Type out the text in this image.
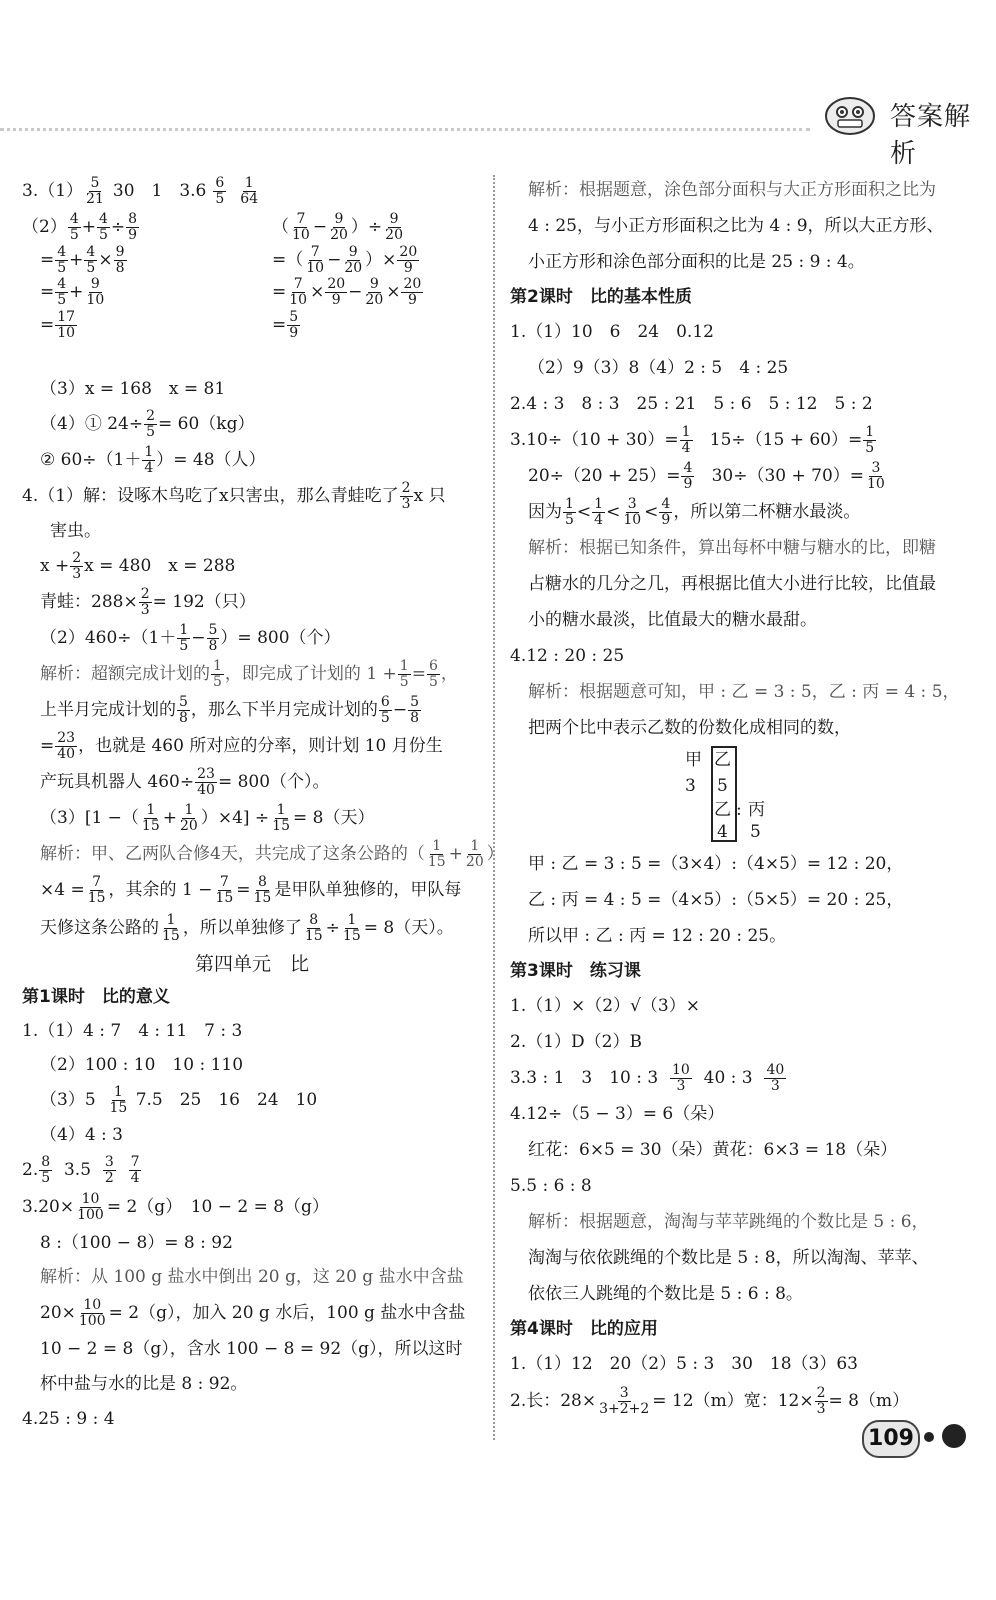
答案解析
$3.(1) \frac{5}{21} 30$　1　$3.6 \frac{6}{5} \frac{1}{64}$
$(2) \frac{4}{5} + \frac{4}{5} \div \frac{8}{9}$
= $\frac{4}{5} + \frac{4}{5} \times \frac{9}{8}$
= $\frac{4}{5} + \frac{9}{10}$
= $\frac{17}{10}$
（ $\frac{7}{10} - \frac{9}{20}$ ）÷ $\frac{9}{20}$
=（ $\frac{7}{10} - \frac{9}{20}$ ）× $\frac{20}{9}$
= $\frac{7}{10} \times \frac{20}{9} - \frac{9}{20} \times \frac{20}{9}$
= $\frac{5}{9}$
（3） x = 168　x = 81
（4）① $24\div \frac{2}{5} = 60(kg)$
② $60\div(1+ \frac{1}{4}$ ）= 48（人）
4.（1）解：设啄木鸟吃了x只害虫，那么青蛙吃了 $\frac{2}{3}$ x 只
害虫。
$x + \frac{2}{3}$ x = 480　x = 288
青蛙：$288\times \frac{2}{3} = 192$（只）
$(2)460\div(1+ \frac{1}{5} - \frac{5}{8}$ ）= 800（个）
解析：超额完成计划的 $\frac{1}{5}$ ，即完成了计划的 $1 + \frac{1}{5} = \frac{6}{5}$ ，
上半月完成计划的 $\frac{5}{8}$ ，那么下半月完成计划的 $\frac{6}{5} - \frac{5}{8}$
= $\frac{23}{40}$ ，也就是 460 所对应的分率，则计划 10 月份生
产玩具机器人 $460\div \frac{23}{40} = 800$（个）。
（3）[1 −（ $\frac{1}{15} + \frac{1}{20} )\times 4] \div \frac{1}{15} = 8$（天）
解析：甲、乙两队合修4天，共完成了这条公路的（ $\frac{1}{15} + \frac{1}{20}$ ）
$\times 4 = \frac{7}{15}$ ，其余的 $1 - \frac{7}{15} = \frac{8}{15}$ 是甲队单独修的，甲队每
天修这条公路的 $\frac{1}{15}$ ，所以单独修了 $\frac{8}{15} \div \frac{1}{15} = 8$（天）。
第四单元　比
第1课时　比的意义
1.（1）4 : 7　4 : 11　7 : 3
（2）100 : 10　10 : 110
（3）5
$\frac{1}{15}$
7.5　25　16　24　10
（4）4 : 3
2. $\frac{8}{5}$
3.5
$\frac{3}{2}$
$\frac{7}{4}$
$3.20\times \frac{10}{100} = 2(g)$　10 − 2 = 8（g）
8 :（100 − 8）= 8 : 92
解析：从 100 g 盐水中倒出 20 g，这 20 g 盐水中含盐
$20\times \frac{10}{100} = 2(g)$，加入 20 g 水后，100 g 盐水中含盐
10 − 2 = 8（g），含水 100 − 8 = 92（g），所以这时
杯中盐与水的比是 8 : 92。
4.25 : 9 : 4
解析：根据题意，涂色部分面积与大正方形面积之比为
4 : 25，与小正方形面积之比为 4 : 9，所以大正方形、
小正方形和涂色部分面积的比是 25 : 9 : 4。
第2课时　比的基本性质
1.（1）10　6　24　0.12
（2）9（3）8（4）2 : 5　4 : 25
2.4 : 3　8 : 3　25 : 21　5 : 6　5 : 12　5 : 2
$3.10\div(10 + 30)= \frac{1}{4}$
$15\div(15 + 60)= \frac{1}{5}$
$20\div(20 + 25)= \frac{4}{9}$
$30\div(30 + 70)= \frac{3}{10}$
因为 $\frac{1}{5} < \frac{1}{4} < \frac{3}{10} < \frac{4}{9}$ ，所以第二杯糖水最淡。
解析：根据已知条件，算出每杯中糖与糖水的比，即糖
占糖水的几分之几，再根据比值大小进行比较，比值最
小的糖水最淡，比值最大的糖水最甜。
4.12 : 20 : 25
解析：根据题意可知，甲 : 乙 = 3 : 5，乙 : 丙 = 4 : 5，
把两个比中表示乙数的份数化成相同的数，
甲
3
乙
5
乙
4
: 丙
5
甲 : 乙 = 3 : 5 =（3×4）:（4×5）= 12 : 20，
乙 : 丙 = 4 : 5 =（4×5）:（5×5）= 20 : 25，
所以甲 : 乙 : 丙 = 12 : 20 : 25。
第3课时　练习课
1.（1）×（2）√（3）×
2.（1）D（2）B
3.3 : 1　3　10 : 3
$\frac{10}{3}$
40 : 3
$\frac{40}{3}$
4.12÷（5 − 3）= 6（朵）
红花：6×5 = 30（朵）黄花：6×3 = 18（朵）
5.5 : 6 : 8
解析：根据题意，淘淘与苹苹跳绳的个数比是 5 : 6，
淘淘与依依跳绳的个数比是 5 : 8，所以淘淘、苹苹、
依依三人跳绳的个数比是 5 : 6 : 8。
第4课时　比的应用
1.（1）12　20（2）5 : 3　30　18（3）63
2.长：$28\times \frac{3}{3+2+2} = 12(m)$宽：$12\times \frac{2}{3} = 8(m)$
109
